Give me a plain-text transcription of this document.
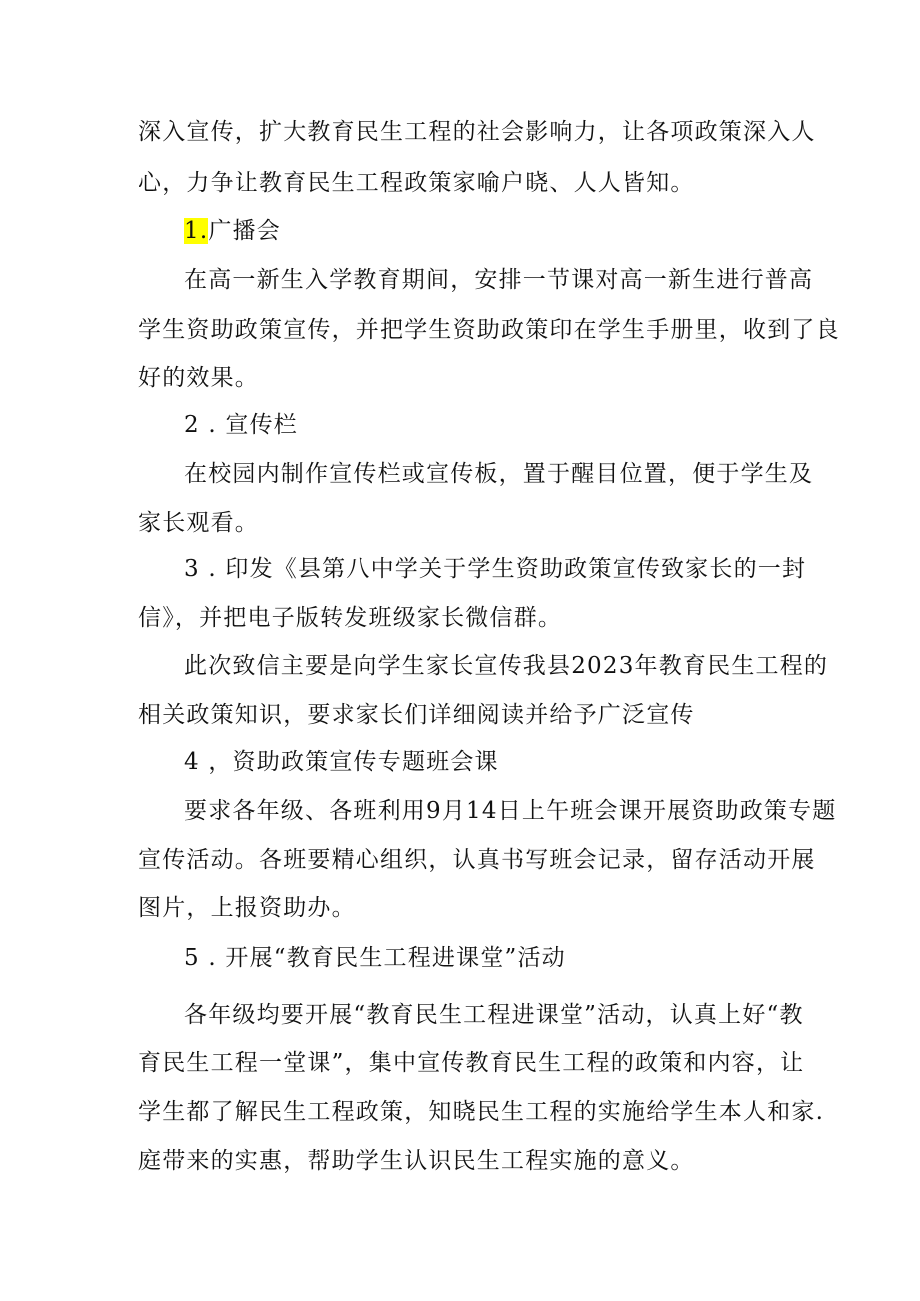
深入宣传，扩大教育民生工程的社会影响力，让各项政策深入人
心，力争让教育民生工程政策家喻户晓、人人皆知。
1.广播会
在高一新生入学教育期间，安排一节课对高一新生进行普高
学生资助政策宣传，并把学生资助政策印在学生手册里，收到了良
好的效果。
2 . 宣传栏
在校园内制作宣传栏或宣传板，置于醒目位置，便于学生及
家长观看。
3 . 印发《县第八中学关于学生资助政策宣传致家长的一封
信》，并把电子版转发班级家长微信群。
此次致信主要是向学生家长宣传我县2023年教育民生工程的
相关政策知识，要求家长们详细阅读并给予广泛宣传
4 ，资助政策宣传专题班会课
要求各年级、各班利用9月14日上午班会课开展资助政策专题
宣传活动。各班要精心组织，认真书写班会记录，留存活动开展
图片，上报资助办。
5 . 开展“教育民生工程进课堂”活动
各年级均要开展“教育民生工程进课堂”活动，认真上好“教
育民生工程一堂课”，集中宣传教育民生工程的政策和内容，让
学生都了解民生工程政策，知晓民生工程的实施给学生本人和家.
庭带来的实惠，帮助学生认识民生工程实施的意义。
